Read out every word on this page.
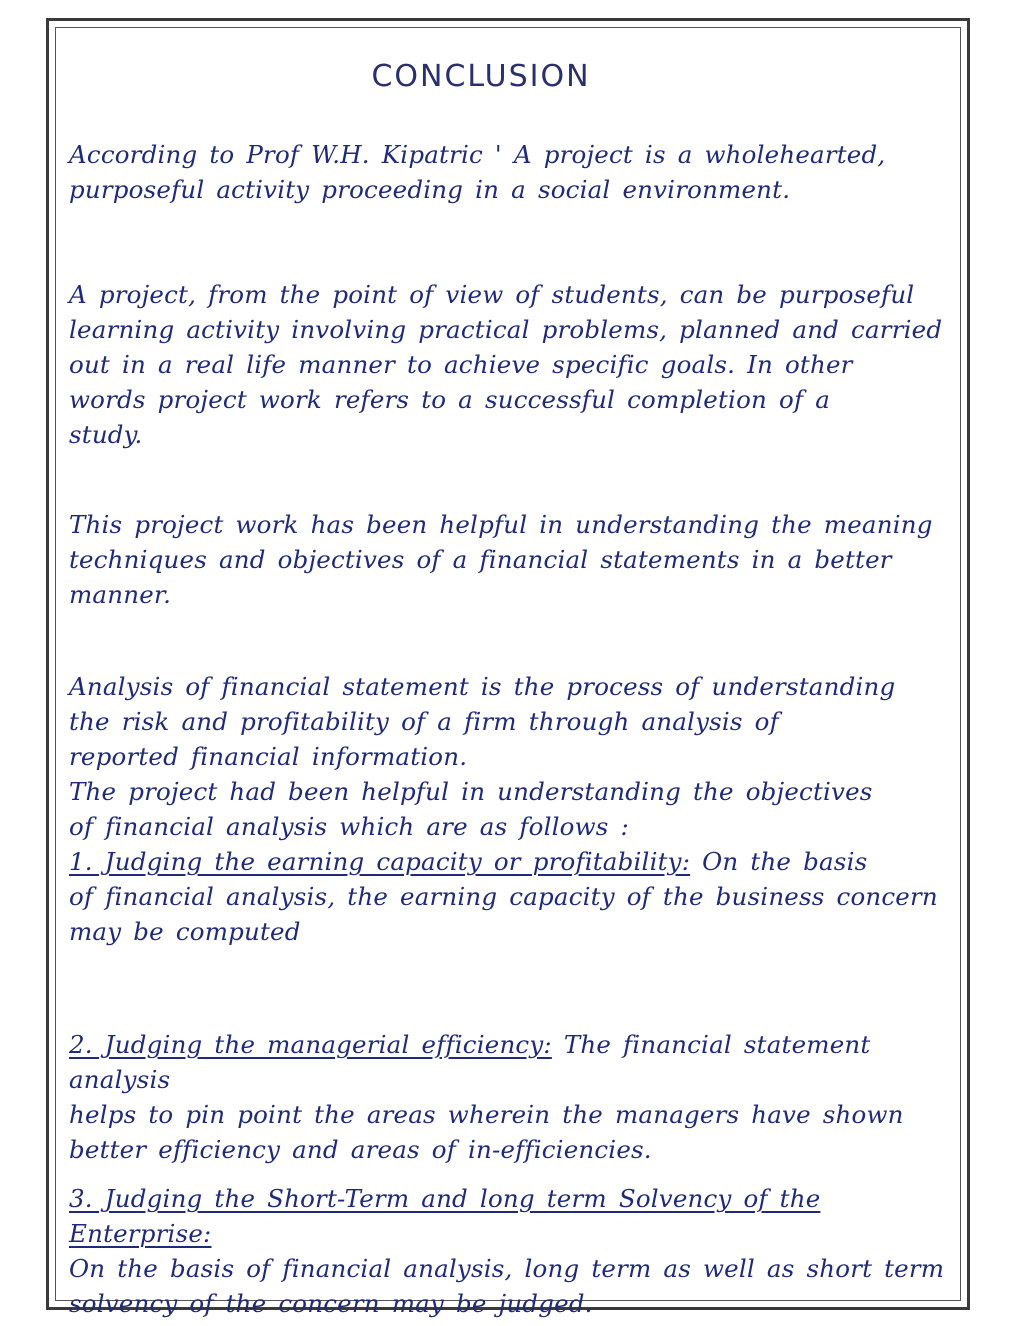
CONCLUSION
According to Prof W.H. Kipatric ' A project is a wholehearted,
purposeful activity proceeding in a social environment.
A project, from the point of view of students, can be purposeful
learning activity involving practical problems, planned and carried
out in a real life manner to achieve specific goals. In other
words project work refers to a successful completion of a
study.
This project work has been helpful in understanding the meaning
techniques and objectives of a financial statements in a better
manner.
Analysis of financial statement is the process of understanding
the risk and profitability of a firm through analysis of
reported financial information.
The project had been helpful in understanding the objectives
of financial analysis which are as follows :
1. Judging the earning capacity or profitability: On the basis
of financial analysis, the earning capacity of the business concern
may be computed
2. Judging the managerial efficiency: The financial statement analysis
helps to pin point the areas wherein the managers have shown
better efficiency and areas of in-efficiencies.
3. Judging the Short-Term and long term Solvency of the Enterprise:
On the basis of financial analysis, long term as well as short term
solvency of the concern may be judged.
